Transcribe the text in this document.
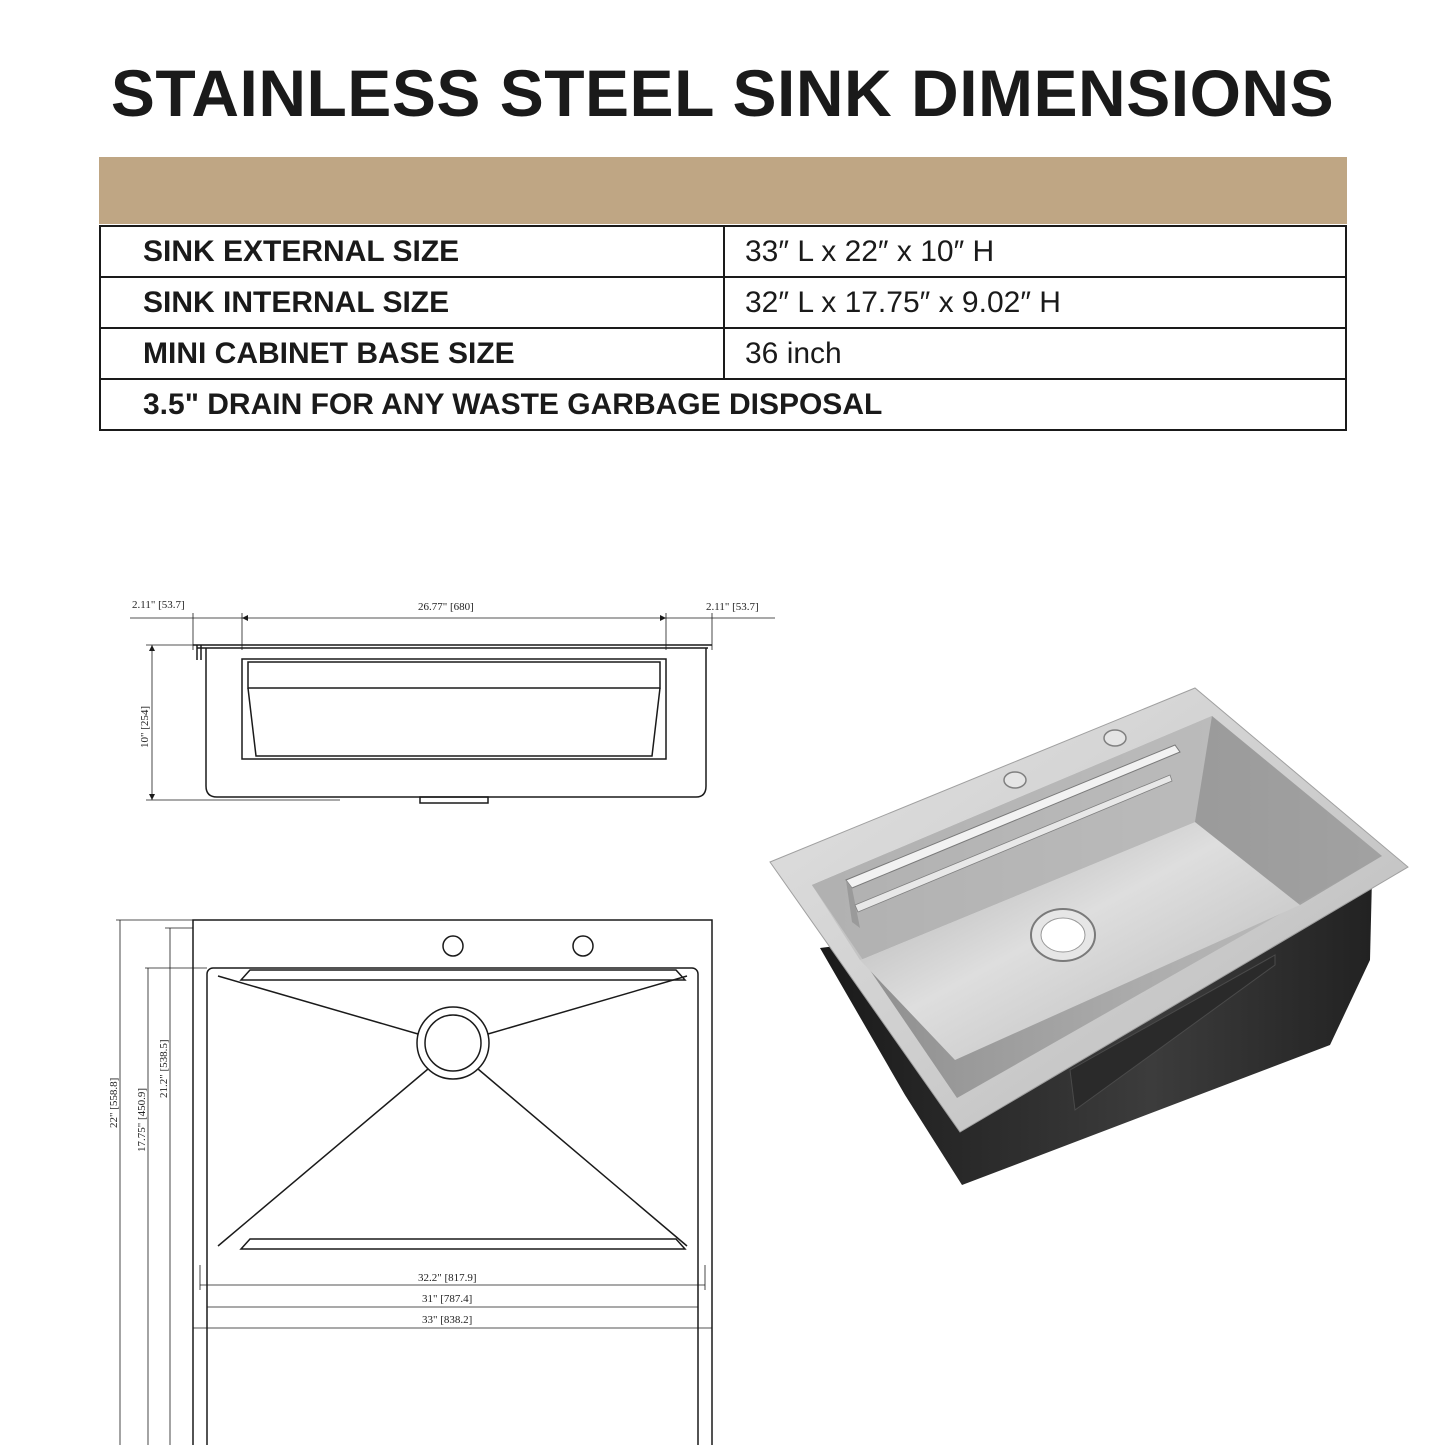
STAINLESS STEEL SINK DIMENSIONS
SINK EXTERNAL SIZE	33″ L x 22″ x 10″ H
SINK INTERNAL SIZE	32″ L x 17.75″ x 9.02″ H
MINI CABINET BASE SIZE	36 inch
3.5" DRAIN FOR ANY WASTE GARBAGE DISPOSAL	
2.11" [53.7]	26.77" [680]	2.11" [53.7]
10" [254]
22" [558.8] 17.75" [450.9]
21.2" [538.5]
32.2" [817.9]
31" [787.4]
33" [838.2]
